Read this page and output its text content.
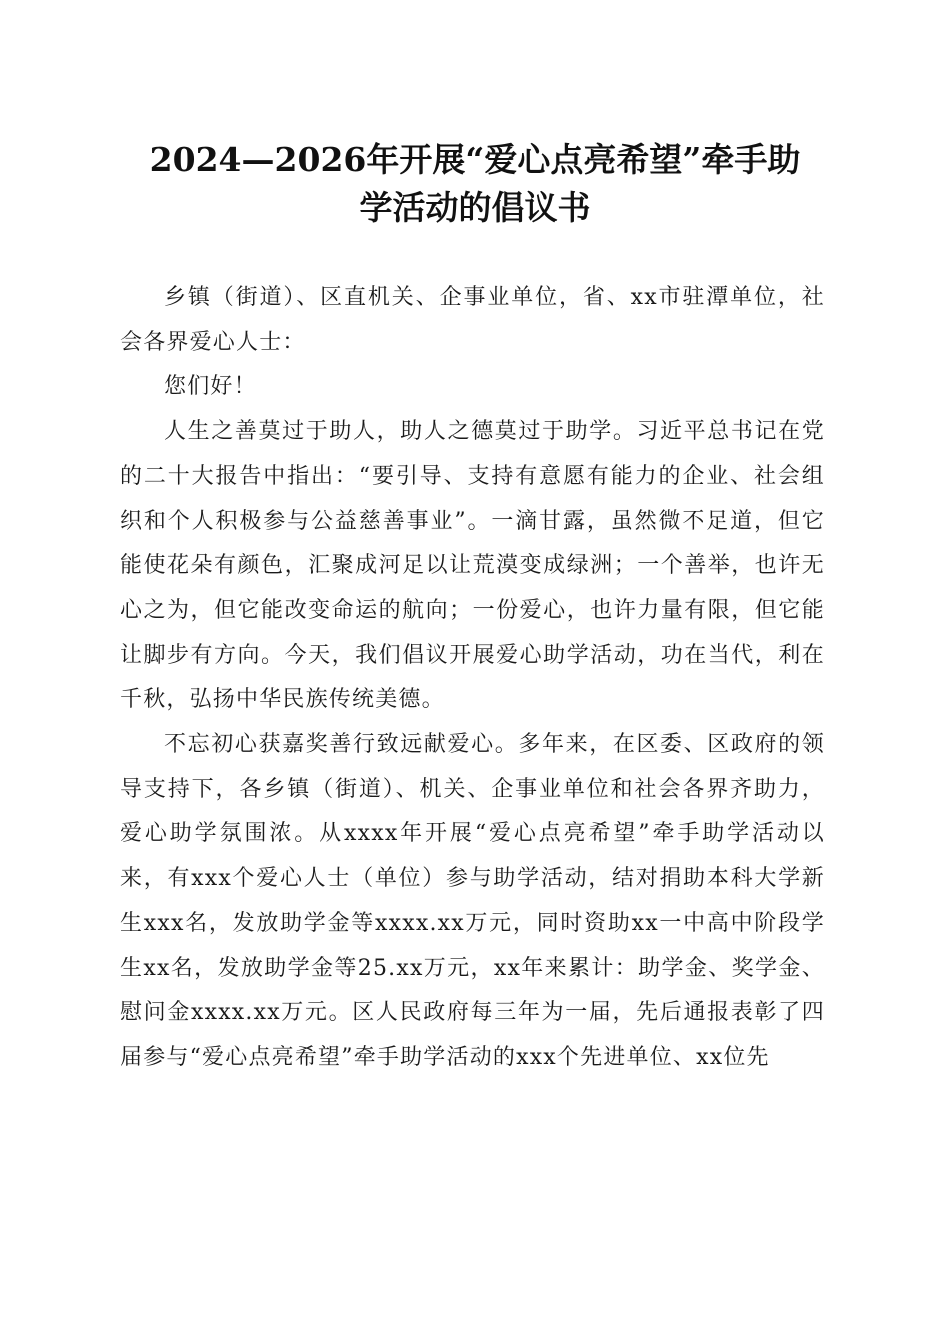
2024—2026年开展“爱心点亮希望”牵手助
学活动的倡议书

乡镇（街道）、区直机关、企事业单位，省、xx市驻潭单位，社会各界爱心人士：

您们好！

人生之善莫过于助人，助人之德莫过于助学。习近平总书记在党的二十大报告中指出：“要引导、支持有意愿有能力的企业、社会组织和个人积极参与公益慈善事业”。一滴甘露，虽然微不足道，但它能使花朵有颜色，汇聚成河足以让荒漠变成绿洲；一个善举，也许无心之为，但它能改变命运的航向；一份爱心，也许力量有限，但它能让脚步有方向。今天，我们倡议开展爱心助学活动，功在当代，利在千秋，弘扬中华民族传统美德。

不忘初心获嘉奖善行致远献爱心。多年来，在区委、区政府的领导支持下，各乡镇（街道）、机关、企事业单位和社会各界齐助力，爱心助学氛围浓。从xxxx年开展“爱心点亮希望”牵手助学活动以来，有xxx个爱心人士（单位）参与助学活动，结对捐助本科大学新生xxx名，发放助学金等xxxx.xx万元，同时资助xx一中高中阶段学生xx名，发放助学金等25.xx万元，xx年来累计：助学金、奖学金、慰问金xxxx.xx万元。区人民政府每三年为一届，先后通报表彰了四届参与“爱心点亮希望”牵手助学活动的xxx个先进单位、xx位先
